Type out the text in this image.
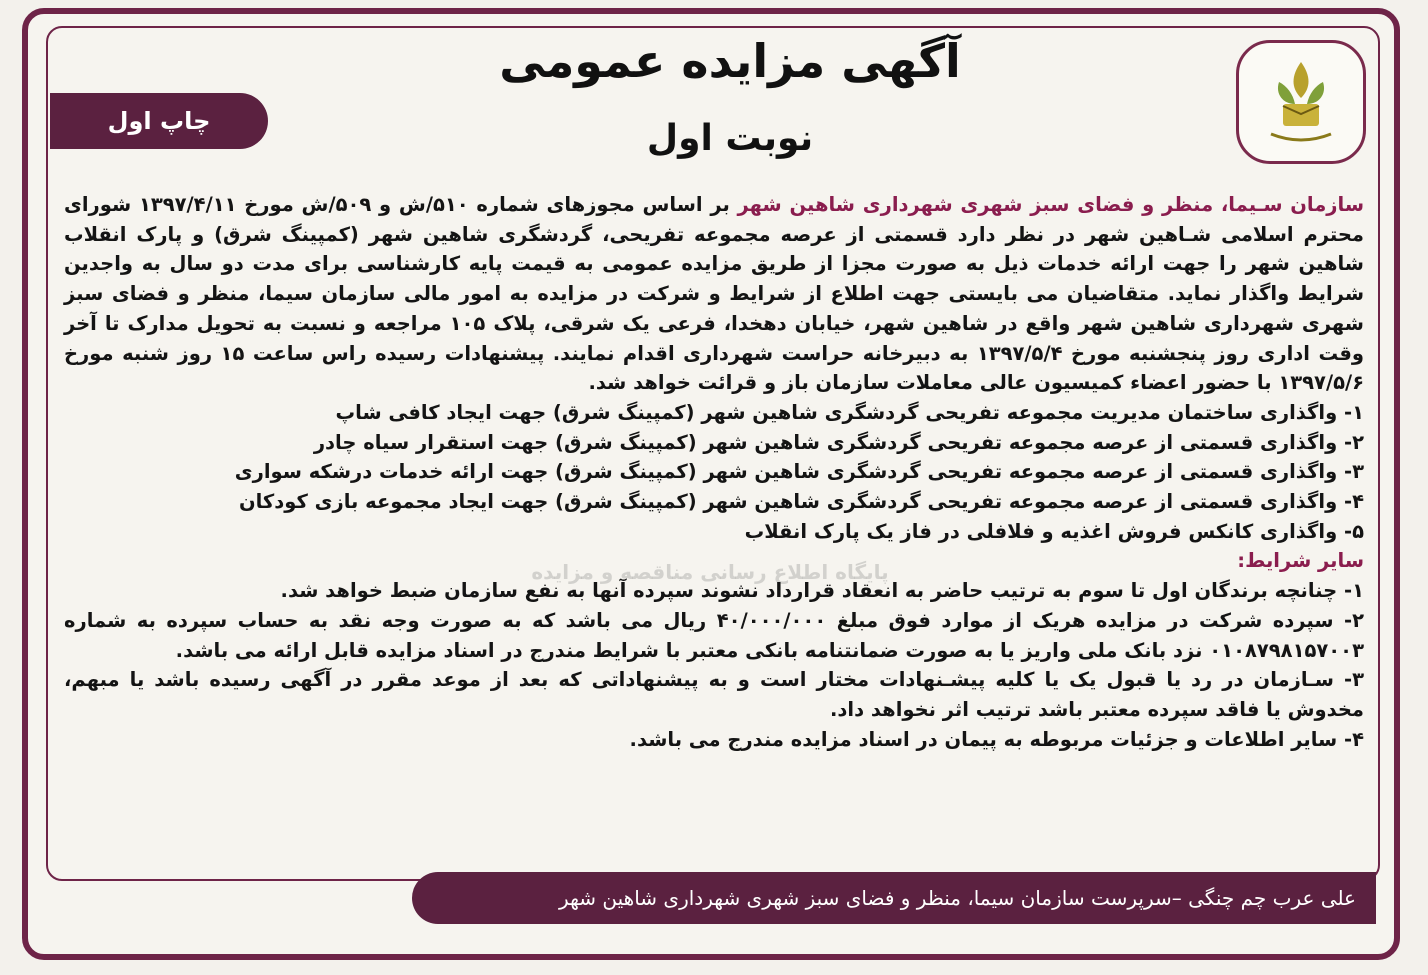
چاپ اول
آگهی مزایده عمومی
نوبت اول
پایگاه اطلاع رسانی مناقصه و مزایده

سازمان سـیما، منظر و فضای سبز شهری شهرداری شاهین شهر بر اساس مجوزهای شماره ۵۱۰/ش و ۵۰۹/ش مورخ ۱۳۹۷/۴/۱۱ شورای محترم اسلامی شـاهین شهر در نظر دارد قسمتی از عرصه مجموعه تفریحی، گردشگری شاهین شهر (کمپینگ شرق) و پارک انقلاب شاهین شهر را جهت ارائه خدمات ذیل به صورت مجزا از طریق مزایده عمومی به قیمت پایه کارشناسی برای مدت دو سال به واجدین شرایط واگذار نماید. متقاضیان می بایستی جهت اطلاع از شرایط و شرکت در مزایده به امور مالی سازمان سیما، منظر و فضای سبز شهری شهرداری شاهین شهر واقع در شاهین شهر، خیابان دهخدا، فرعی یک شرقی، پلاک ۱۰۵ مراجعه و نسبت به تحویل مدارک تا آخر وقت اداری روز پنجشنبه مورخ ۱۳۹۷/۵/۴ به دبیرخانه حراست شهرداری اقدام نمایند. پیشنهادات رسیده راس ساعت ۱۵ روز شنبه مورخ ۱۳۹۷/۵/۶ با حضور اعضاء کمیسیون عالی معاملات سازمان باز و قرائت خواهد شد.

۱- واگذاری ساختمان مدیریت مجموعه تفریحی گردشگری شاهین شهر (کمپینگ شرق) جهت ایجاد کافی شاپ

۲- واگذاری قسمتی از عرصه مجموعه تفریحی گردشگری شاهین شهر (کمپینگ شرق) جهت استقرار سیاه چادر

۳- واگذاری قسمتی از عرصه مجموعه تفریحی گردشگری شاهین شهر (کمپینگ شرق) جهت ارائه خدمات درشکه سواری

۴- واگذاری قسمتی از عرصه مجموعه تفریحی گردشگری شاهین شهر (کمپینگ شرق) جهت ایجاد مجموعه بازی کودکان

۵- واگذاری کانکس فروش اغذیه و فلافلی در فاز یک پارک انقلاب

سایر شرایط:

۱- چنانچه برندگان اول تا سوم به ترتیب حاضر به انعقاد قرارداد نشوند سپرده آنها به نفع سازمان ضبط خواهد شد.

۲- سپرده شرکت در مزایده هریک از موارد فوق مبلغ ۴۰/۰۰۰/۰۰۰ ریال می باشد که به صورت وجه نقد به حساب سپرده به شماره ۰۱۰۸۷۹۸۱۵۷۰۰۳ نزد بانک ملی واریز یا به صورت ضمانتنامه بانکی معتبر با شرایط مندرج در اسناد مزایده قابل ارائه می باشد.

۳- سـازمان در رد یا قبول یک یا کلیه پیشـنهادات مختار است و به پیشنهاداتی که بعد از موعد مقرر در آگهی رسیده باشد یا مبهم، مخدوش یا فاقد سپرده معتبر باشد ترتیب اثر نخواهد داد.

۴- سایر اطلاعات و جزئیات مربوطه به پیمان در اسناد مزایده مندرج می باشد.

علی عرب چم چنگی –سرپرست سازمان سیما، منظر و فضای سبز شهری شهرداری شاهین شهر
